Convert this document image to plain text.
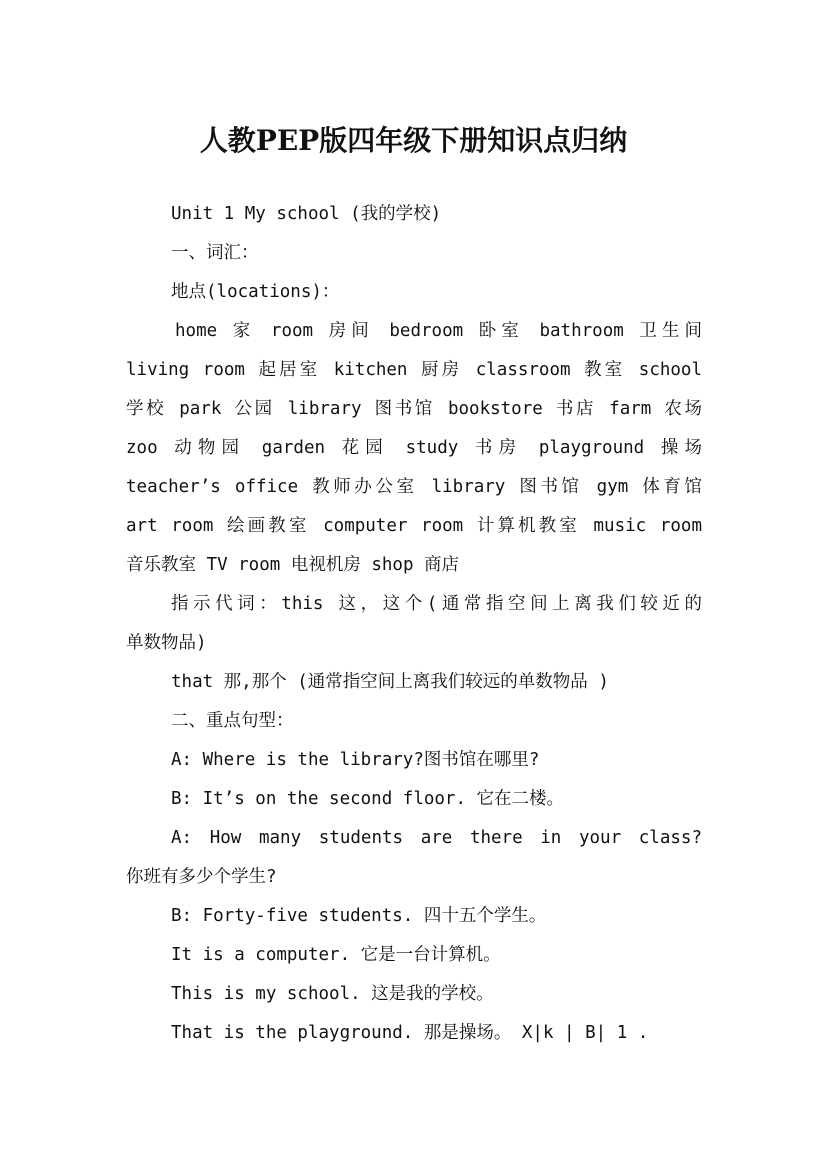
人教PEP版四年级下册知识点归纳

Unit 1 My school (我的学校)

一、词汇：

地点(locations)：

home 家 room 房间 bedroom 卧室 bathroom 卫生间

living room 起居室 kitchen 厨房 classroom 教室 school

学校 park 公园 library 图书馆 bookstore 书店 farm 农场

zoo 动物园 garden 花园 study 书房 playground 操场

teacher’s office 教师办公室 library 图书馆 gym 体育馆

art room 绘画教室 computer room 计算机教室 music room

音乐教室 TV room 电视机房 shop 商店

指示代词：this 这，这个(通常指空间上离我们较近的

单数物品)

that 那,那个 (通常指空间上离我们较远的单数物品 )

二、重点句型：

A: Where is the library?图书馆在哪里?

B: It’s on the second floor. 它在二楼。

A: How many students are there in your class?

你班有多少个学生?

B: Forty-five students. 四十五个学生。

It is a computer. 它是一台计算机。

This is my school. 这是我的学校。

That is the playground. 那是操场。 X|k | B| 1 .
